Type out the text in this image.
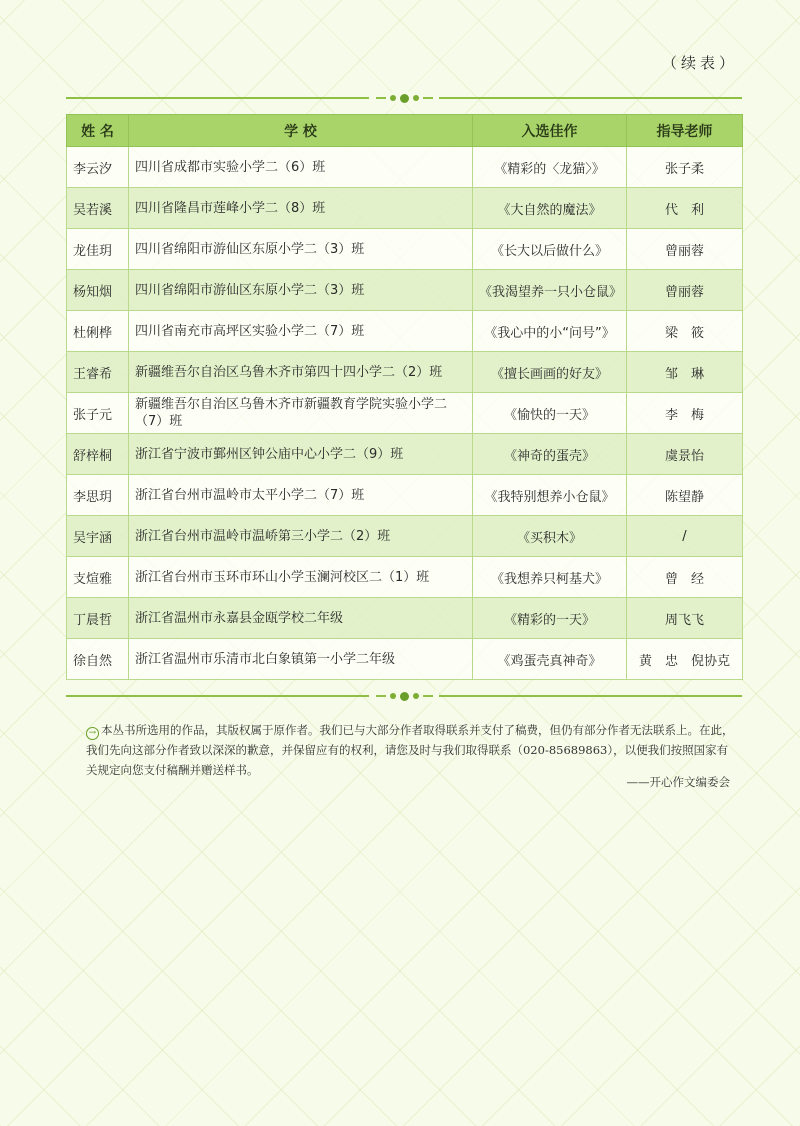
（续表）
姓 名	学 校	入选佳作	指导老师
李云汐	四川省成都市实验小学二（6）班	《精彩的〈龙猫〉》	张子柔
吴若溪	四川省隆昌市莲峰小学二（8）班	《大自然的魔法》	代　利
龙佳玥	四川省绵阳市游仙区东原小学二（3）班	《长大以后做什么》	曾丽蓉
杨知烟	四川省绵阳市游仙区东原小学二（3）班	《我渴望养一只小仓鼠》	曾丽蓉
杜俐桦	四川省南充市高坪区实验小学二（7）班	《我心中的小“问号”》	梁　筱
王睿希	新疆维吾尔自治区乌鲁木齐市第四十四小学二（2）班	《擅长画画的好友》	邹　琳
张子元	新疆维吾尔自治区乌鲁木齐市新疆教育学院实验小学二（7）班	《愉快的一天》	李　梅
舒梓桐	浙江省宁波市鄞州区钟公庙中心小学二（9）班	《神奇的蛋壳》	虞景怡
李思玥	浙江省台州市温岭市太平小学二（7）班	《我特别想养小仓鼠》	陈望静
吴宇涵	浙江省台州市温岭市温峤第三小学二（2）班	《买积木》	/
支煊雅	浙江省台州市玉环市环山小学玉澜河校区二（1）班	《我想养只柯基犬》	曾　经
丁晨哲	浙江省温州市永嘉县金瓯学校二年级	《精彩的一天》	周飞飞
徐自然	浙江省温州市乐清市北白象镇第一小学二年级	《鸡蛋壳真神奇》	黄　忠　倪协克
→ 本丛书所选用的作品，其版权属于原作者。我们已与大部分作者取得联系并支付了稿费，但仍有部分作者无法联系上。在此，我们先向这部分作者致以深深的歉意，并保留应有的权利，请您及时与我们取得联系（020-85689863），以便我们按照国家有关规定向您支付稿酬并赠送样书。
——开心作文编委会
